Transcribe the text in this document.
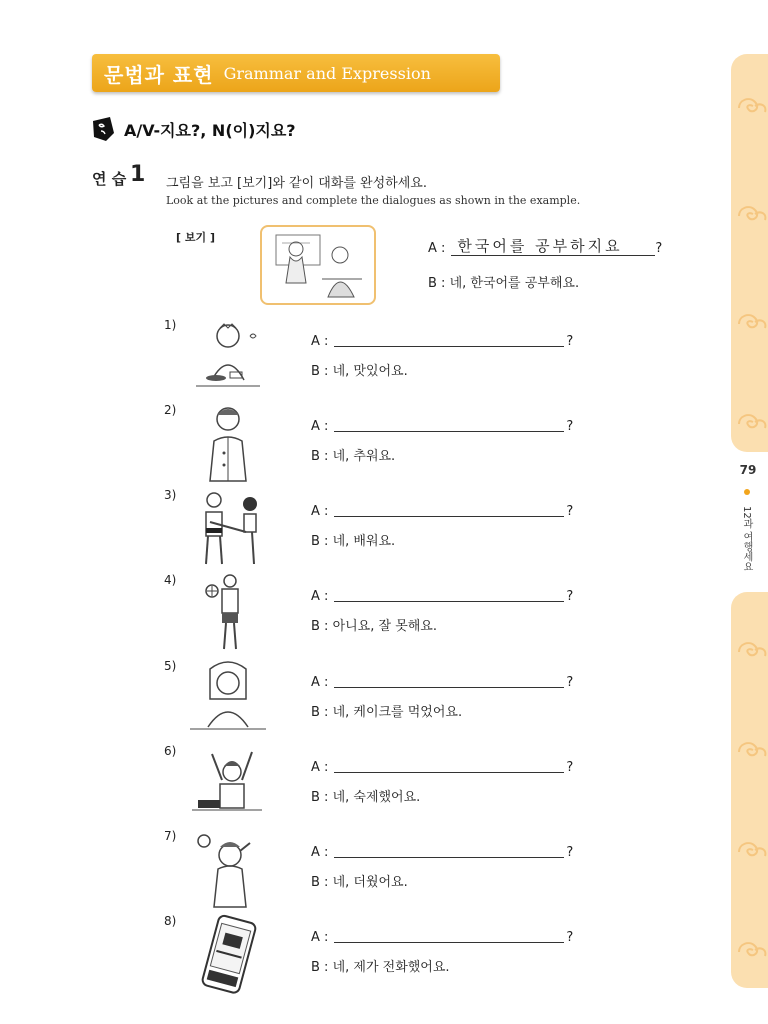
문법과 표현 Grammar and Expression
79
12과 여행세요
A/V-지요?, N(이)지요?
연 습 1 그림을 보고 [보기]와 같이 대화를 완성하세요.
Look at the pictures and complete the dialogues as shown in the example.
[ 보기 ]
A : 한국어를 공부하지요	?
B : 네, 한국어를 공부해요.
1)
A :	?
B : 네, 맛있어요.
2)
A :	?
B : 네, 추워요.
3)
A :	?
B : 네, 배워요.
4)
A :	?
B : 아니요, 잘 못해요.
5)
A :	?
B : 네, 케이크를 먹었어요.
6)
A :	?
B : 네, 숙제했어요.
7)
A :	?
B : 네, 더웠어요.
8)
A :	?
B : 네, 제가 전화했어요.
